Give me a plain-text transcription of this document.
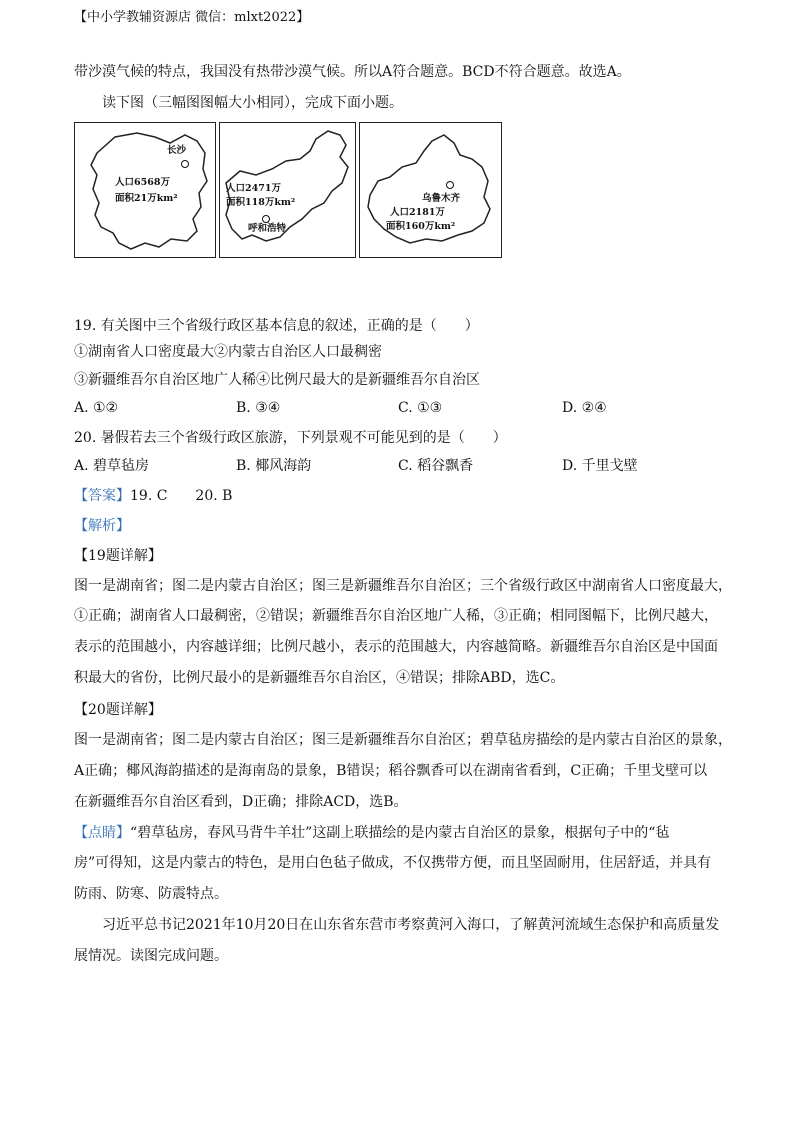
【中小学教辅资源店 微信：mlxt2022】
带沙漠气候的特点，我国没有热带沙漠气候。所以A符合题意。BCD不符合题意。故选A。
读下图（三幅图图幅大小相同），完成下面小题。
长沙
人口6568万
面积21万km²
人口2471万
面积118万km²
呼和浩特
乌鲁木齐
人口2181万
面积160万km²
19. 有关图中三个省级行政区基本信息的叙述，正确的是（　　）
①湖南省人口密度最大②内蒙古自治区人口最稠密
③新疆维吾尔自治区地广人稀④比例尺最大的是新疆维吾尔自治区
A. ①②	B. ③④	C. ①③	D. ②④
20. 暑假若去三个省级行政区旅游，下列景观不可能见到的是（　　）
A. 碧草毡房	B. 椰风海韵	C. 稻谷飘香	D. 千里戈壁
【答案】19. C　　20. B
【解析】
【19题详解】
图一是湖南省；图二是内蒙古自治区；图三是新疆维吾尔自治区；三个省级行政区中湖南省人口密度最大，
①正确；湖南省人口最稠密，②错误；新疆维吾尔自治区地广人稀，③正确；相同图幅下，比例尺越大，
表示的范围越小，内容越详细；比例尺越小，表示的范围越大，内容越简略。新疆维吾尔自治区是中国面
积最大的省份，比例尺最小的是新疆维吾尔自治区，④错误；排除ABD，选C。
【20题详解】
图一是湖南省；图二是内蒙古自治区；图三是新疆维吾尔自治区；碧草毡房描绘的是内蒙古自治区的景象，
A正确；椰风海韵描述的是海南岛的景象，B错误；稻谷飘香可以在湖南省看到，C正确；千里戈壁可以
在新疆维吾尔自治区看到，D正确；排除ACD，选B。
【点睛】“碧草毡房，春风马背牛羊壮”这副上联描绘的是内蒙古自治区的景象，根据句子中的“毡
房”可得知，这是内蒙古的特色，是用白色毡子做成，不仅携带方便，而且坚固耐用，住居舒适，并具有
防雨、防寒、防震特点。
习近平总书记2021年10月20日在山东省东营市考察黄河入海口，了解黄河流域生态保护和高质量发
展情况。读图完成问题。
